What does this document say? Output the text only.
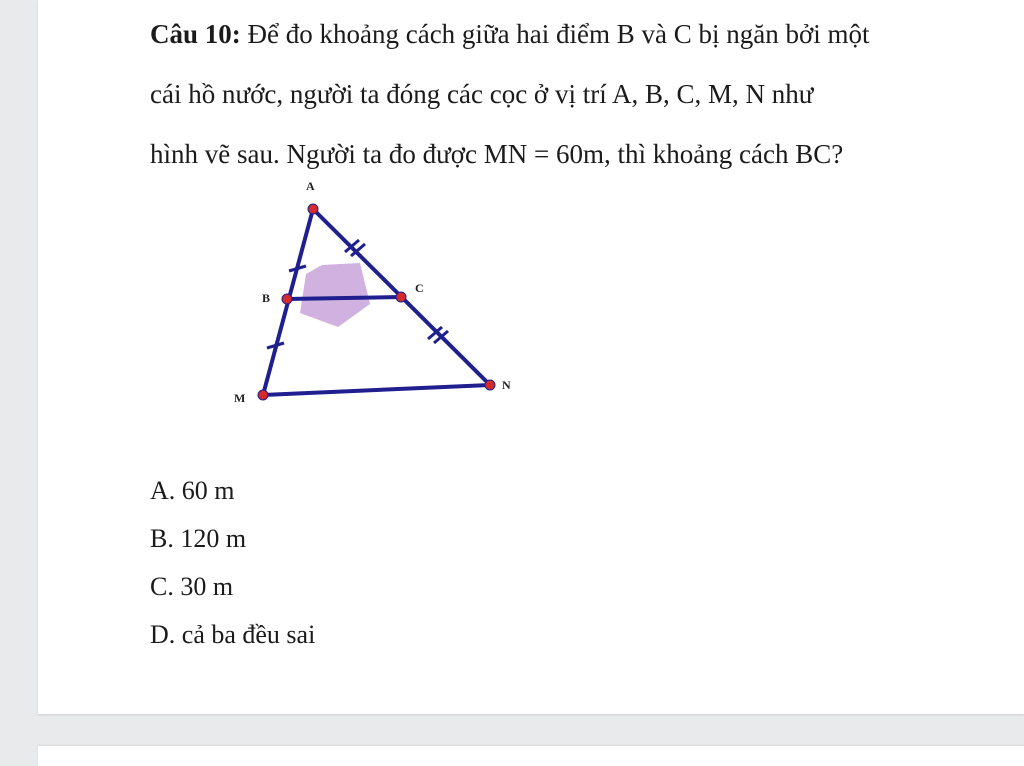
Câu 10: Để đo khoảng cách giữa hai điểm B và C bị ngăn bởi một
cái hồ nước, người ta đóng các cọc ở vị trí A, B, C, M, N như
hình vẽ sau. Người ta đo được MN = 60m, thì khoảng cách BC?
A
B
C
M
N
A. 60 m
B. 120 m
C. 30 m
D. cả ba đều sai
